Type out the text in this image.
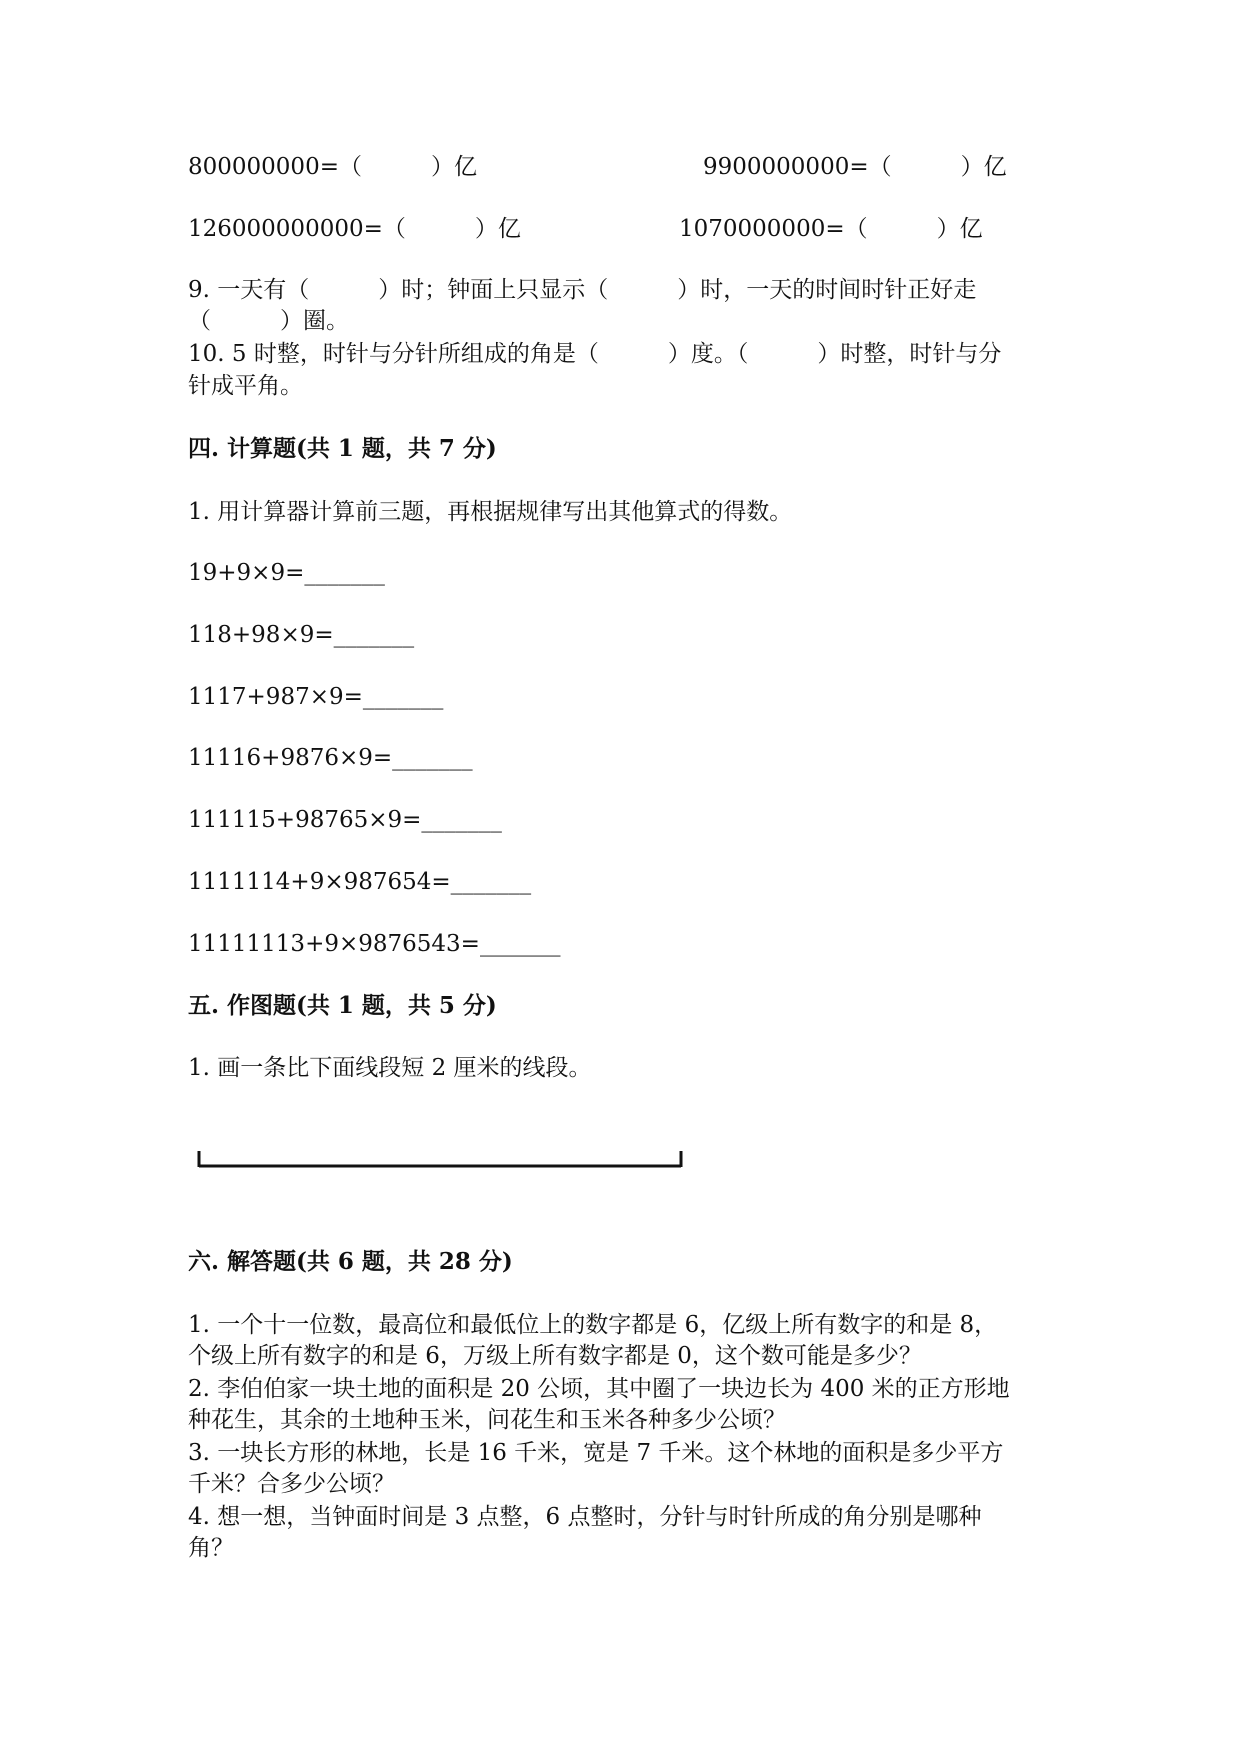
800000000=（　　　）亿	9900000000=（　　　）亿
126000000000=（　　　）亿	1070000000=（　　　）亿
9. 一天有（　　　）时；钟面上只显示（　　　）时，一天的时间时针正好走
（　　　）圈。
10. 5 时整，时针与分针所组成的角是（　　　）度。（　　　）时整，时针与分
针成平角。
四. 计算题(共 1 题，共 7 分)
1. 用计算器计算前三题，再根据规律写出其他算式的得数。
19+9×9=_______
118+98×9=_______
1117+987×9=_______
11116+9876×9=_______
111115+98765×9=_______
1111114+9×987654=_______
11111113+9×9876543=_______
五. 作图题(共 1 题，共 5 分)
1. 画一条比下面线段短 2 厘米的线段。
六. 解答题(共 6 题，共 28 分)
1. 一个十一位数，最高位和最低位上的数字都是 6，亿级上所有数字的和是 8，
个级上所有数字的和是 6，万级上所有数字都是 0，这个数可能是多少？
2. 李伯伯家一块土地的面积是 20 公顷，其中圈了一块边长为 400 米的正方形地
种花生，其余的土地种玉米，问花生和玉米各种多少公顷？
3. 一块长方形的林地，长是 16 千米，宽是 7 千米。这个林地的面积是多少平方
千米？合多少公顷？
4. 想一想，当钟面时间是 3 点整，6 点整时，分针与时针所成的角分别是哪种
角？
